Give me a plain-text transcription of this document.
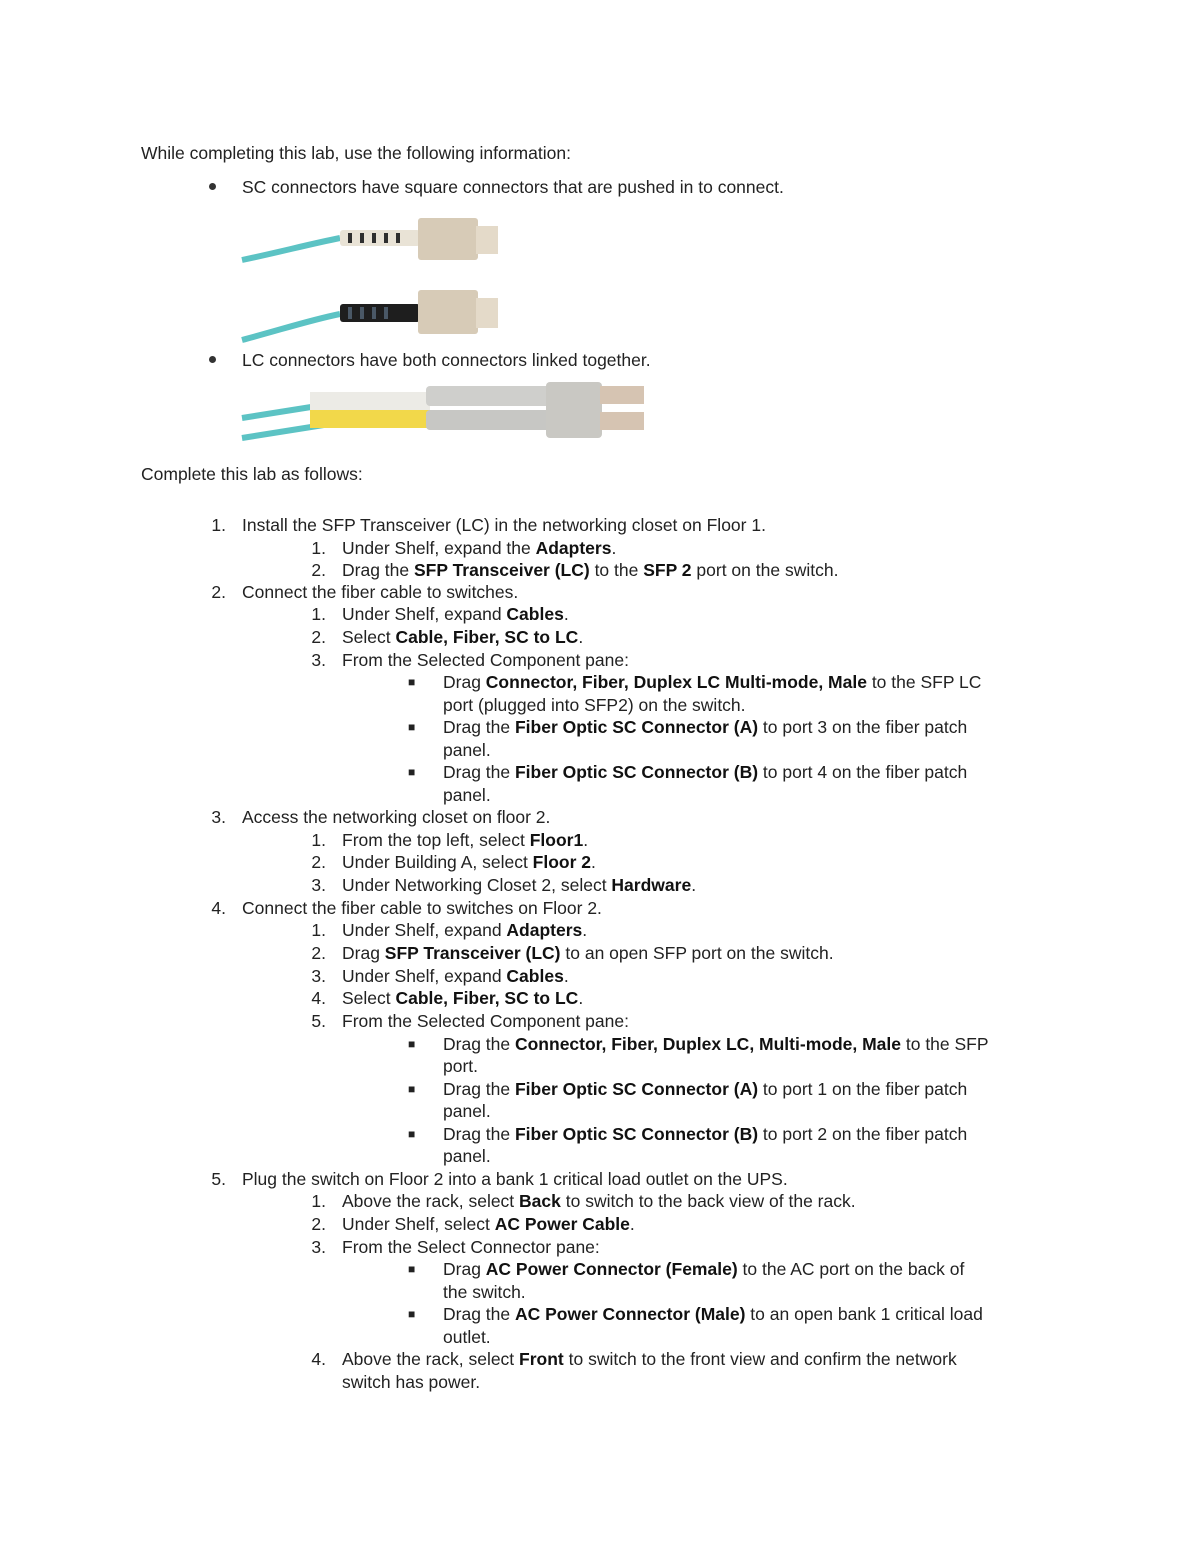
While completing this lab, use the following information:
SC connectors have square connectors that are pushed in to connect.
LC connectors have both connectors linked together.
Complete this lab as follows:
1. Install the SFP Transceiver (LC) in the networking closet on Floor 1.
1. Under Shelf, expand the Adapters.
2. Drag the SFP Transceiver (LC) to the SFP 2 port on the switch.
2. Connect the fiber cable to switches.
1. Under Shelf, expand Cables.
2. Select Cable, Fiber, SC to LC.
3. From the Selected Component pane:
■ Drag Connector, Fiber, Duplex LC Multi-mode, Male to the SFP LC
port (plugged into SFP2) on the switch.
■ Drag the Fiber Optic SC Connector (A) to port 3 on the fiber patch
panel.
■ Drag the Fiber Optic SC Connector (B) to port 4 on the fiber patch
panel.
3. Access the networking closet on floor 2.
1. From the top left, select Floor1.
2. Under Building A, select Floor 2.
3. Under Networking Closet 2, select Hardware.
4. Connect the fiber cable to switches on Floor 2.
1. Under Shelf, expand Adapters.
2. Drag SFP Transceiver (LC) to an open SFP port on the switch.
3. Under Shelf, expand Cables.
4. Select Cable, Fiber, SC to LC.
5. From the Selected Component pane:
■ Drag the Connector, Fiber, Duplex LC, Multi-mode, Male to the SFP
port.
■ Drag the Fiber Optic SC Connector (A) to port 1 on the fiber patch
panel.
■ Drag the Fiber Optic SC Connector (B) to port 2 on the fiber patch
panel.
5. Plug the switch on Floor 2 into a bank 1 critical load outlet on the UPS.
1. Above the rack, select Back to switch to the back view of the rack.
2. Under Shelf, select AC Power Cable.
3. From the Select Connector pane:
■ Drag AC Power Connector (Female) to the AC port on the back of
the switch.
■ Drag the AC Power Connector (Male) to an open bank 1 critical load
outlet.
4. Above the rack, select Front to switch to the front view and confirm the network
switch has power.
